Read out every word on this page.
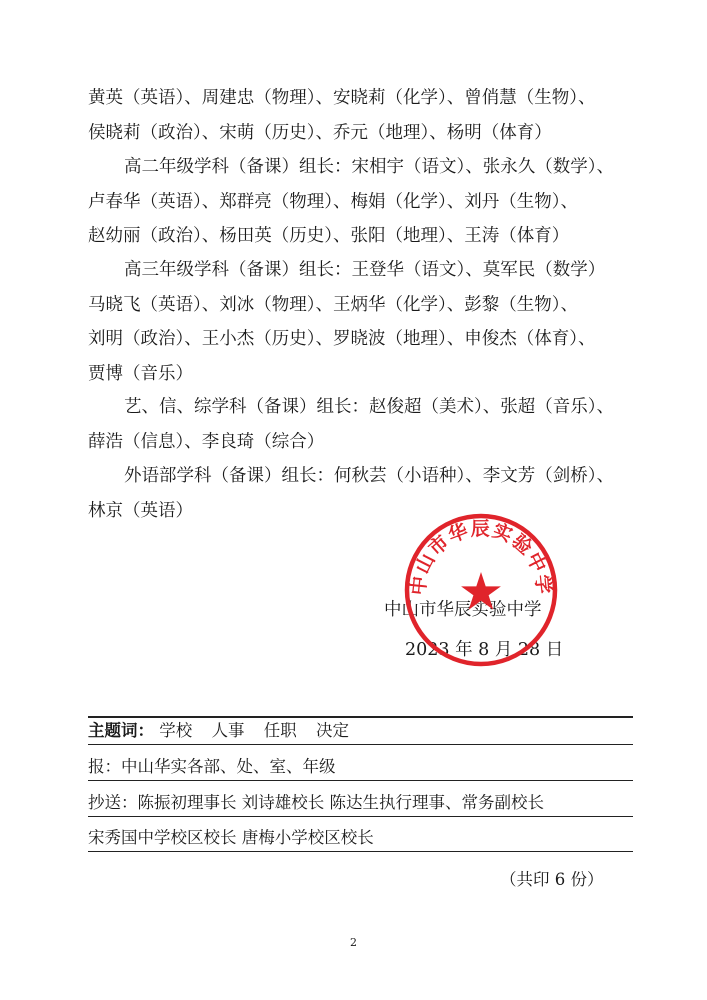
黄英（英语）、周建忠（物理）、安晓莉（化学）、曾俏慧（生物）、
侯晓莉（政治）、宋萌（历史）、乔元（地理）、杨明（体育）
高二年级学科（备课）组长：宋相宇（语文）、张永久（数学）、
卢春华（英语）、郑群亮（物理）、梅娟（化学）、刘丹（生物）、
赵幼丽（政治）、杨田英（历史）、张阳（地理）、王涛（体育）
高三年级学科（备课）组长：王登华（语文）、莫军民（数学）
马晓飞（英语）、刘冰（物理）、王炳华（化学）、彭黎（生物）、
刘明（政治）、王小杰（历史）、罗晓波（地理）、申俊杰（体育）、
贾博（音乐）
艺、信、综学科（备课）组长：赵俊超（美术）、张超（音乐）、
薛浩（信息）、李良琦（综合）
外语部学科（备课）组长：何秋芸（小语种）、李文芳（剑桥）、
林京（英语）
中山市华辰实验中学
2023 年 8 月 28 日
中山市华辰实验中学
主题词： 学校 人事 任职 决定
报：中山华实各部、处、室、年级
抄送：陈振初理事长 刘诗雄校长 陈达生执行理事、常务副校长
宋秀国中学校区校长 唐梅小学校区校长
（共印 6 份）
2
